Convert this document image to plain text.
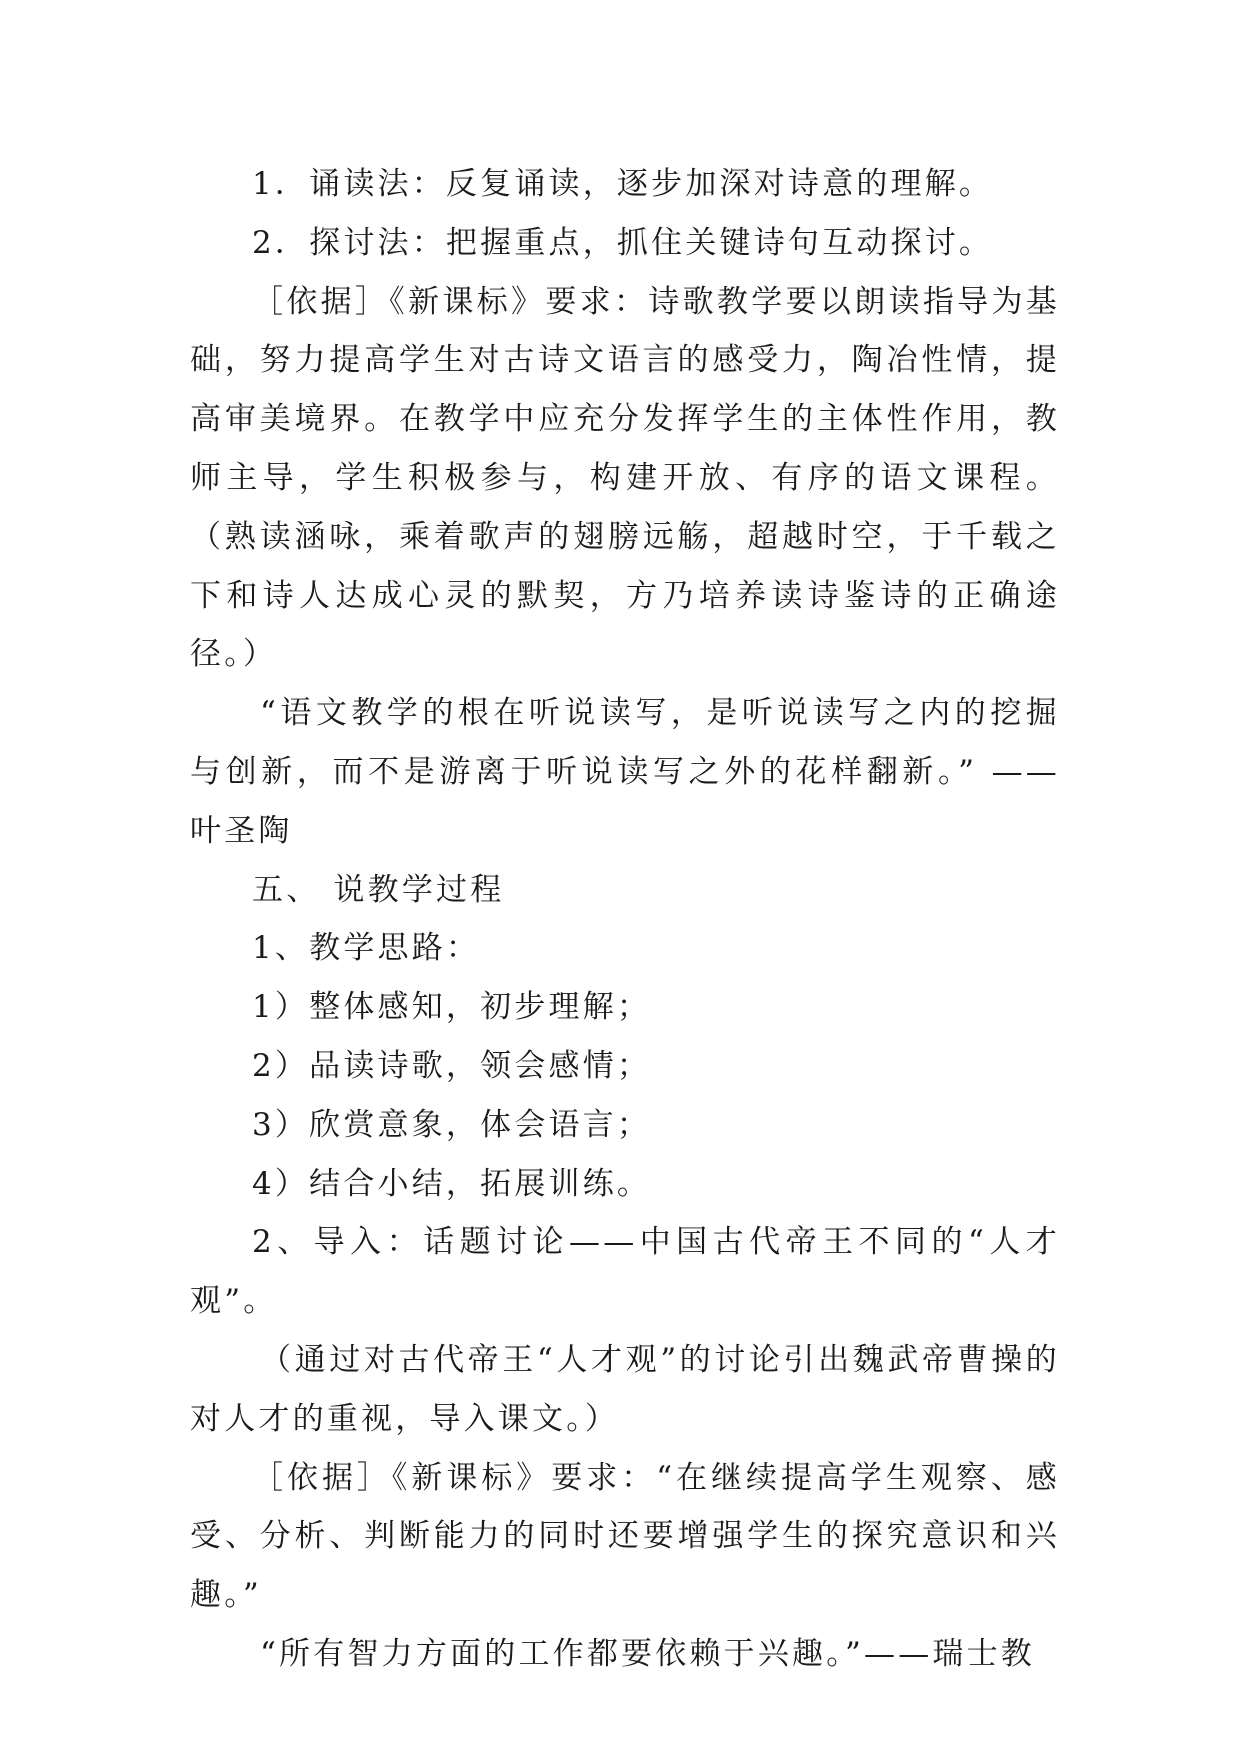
1．诵读法：反复诵读，逐步加深对诗意的理解。

2．探讨法：把握重点，抓住关键诗句互动探讨。

［依据］《新课标》要求：诗歌教学要以朗读指导为基础，努力提高学生对古诗文语言的感受力，陶冶性情，提高审美境界。在教学中应充分发挥学生的主体性作用，教师主导，学生积极参与，构建开放、有序的语文课程。（熟读涵咏，乘着歌声的翅膀远觞，超越时空，于千载之下和诗人达成心灵的默契，方乃培养读诗鉴诗的正确途径。）

“语文教学的根在听说读写，是听说读写之内的挖掘与创新，而不是游离于听说读写之外的花样翻新。” ——叶圣陶

五、 说教学过程

1、教学思路：

1）整体感知，初步理解；

2）品读诗歌，领会感情；

3）欣赏意象，体会语言；

4）结合小结，拓展训练。

2、导入：话题讨论——中国古代帝王不同的“人才观”。

（通过对古代帝王“人才观”的讨论引出魏武帝曹操的对人才的重视，导入课文。）

［依据］《新课标》要求：“在继续提高学生观察、感受、分析、判断能力的同时还要增强学生的探究意识和兴趣。”

“所有智力方面的工作都要依赖于兴趣。”——瑞士教
